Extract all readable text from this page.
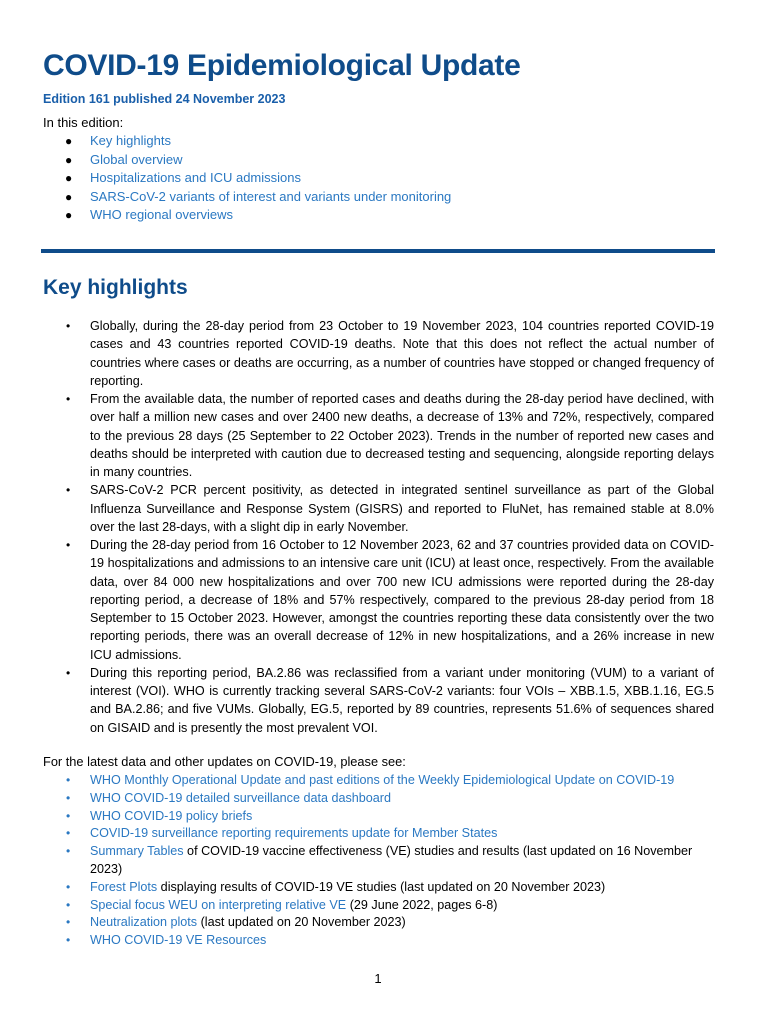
COVID-19 Epidemiological Update

Edition 161 published 24 November 2023

In this edition:

● Key highlights
● Global overview
● Hospitalizations and ICU admissions
● SARS-CoV-2 variants of interest and variants under monitoring
● WHO regional overviews
Key highlights
• Globally, during the 28-day period from 23 October to 19 November 2023, 104 countries reported COVID-19 cases and 43 countries reported COVID-19 deaths. Note that this does not reflect the actual number of countries where cases or deaths are occurring, as a number of countries have stopped or changed frequency of reporting.
• From the available data, the number of reported cases and deaths during the 28-day period have declined, with over half a million new cases and over 2400 new deaths, a decrease of 13% and 72%, respectively, compared to the previous 28 days (25 September to 22 October 2023). Trends in the number of reported new cases and deaths should be interpreted with caution due to decreased testing and sequencing, alongside reporting delays in many countries.
• SARS-CoV-2 PCR percent positivity, as detected in integrated sentinel surveillance as part of the Global Influenza Surveillance and Response System (GISRS) and reported to FluNet, has remained stable at 8.0% over the last 28-days, with a slight dip in early November.
• During the 28-day period from 16 October to 12 November 2023, 62 and 37 countries provided data on COVID-19 hospitalizations and admissions to an intensive care unit (ICU) at least once, respectively. From the available data, over 84 000 new hospitalizations and over 700 new ICU admissions were reported during the 28-day reporting period, a decrease of 18% and 57% respectively, compared to the previous 28-day period from 18 September to 15 October 2023. However, amongst the countries reporting these data consistently over the two reporting periods, there was an overall decrease of 12% in new hospitalizations, and a 26% increase in new ICU admissions.
• During this reporting period, BA.2.86 was reclassified from a variant under monitoring (VUM) to a variant of interest (VOI). WHO is currently tracking several SARS-CoV-2 variants: four VOIs – XBB.1.5, XBB.1.16, EG.5 and BA.2.86; and five VUMs. Globally, EG.5, reported by 89 countries, represents 51.6% of sequences shared on GISAID and is presently the most prevalent VOI.

For the latest data and other updates on COVID-19, please see:

• WHO Monthly Operational Update and past editions of the Weekly Epidemiological Update on COVID-19
• WHO COVID-19 detailed surveillance data dashboard
• WHO COVID-19 policy briefs
• COVID-19 surveillance reporting requirements update for Member States
• Summary Tables of COVID-19 vaccine effectiveness (VE) studies and results (last updated on 16 November 2023)
• Forest Plots displaying results of COVID-19 VE studies (last updated on 20 November 2023)
• Special focus WEU on interpreting relative VE (29 June 2022, pages 6-8)
• Neutralization plots (last updated on 20 November 2023)
• WHO COVID-19 VE Resources
1
